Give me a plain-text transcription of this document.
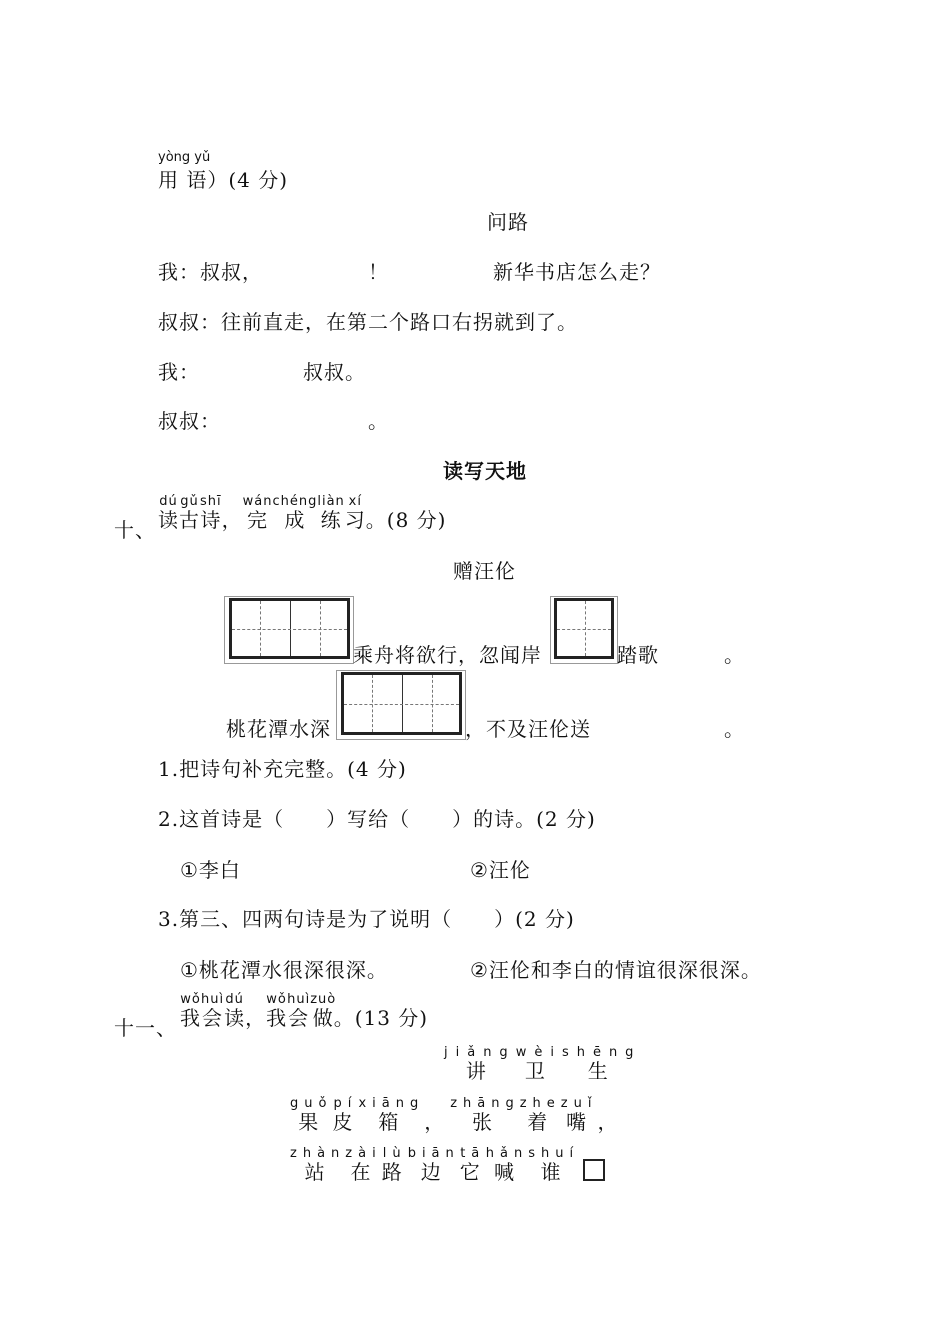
yòng yǔ
用 语）(4 分)
问路
我：叔叔，	！	新华书店怎么走？
叔叔：往前直走，在第二个路口右拐就到了。
我：	叔叔。
叔叔：	。
读写天地
十、 读dú古gǔ诗shī，完wán成chéng练liàn习xí。(8 分)
赠汪伦
乘舟将欲行，忽闻岸	踏歌	。
桃花潭水深	，不及汪伦送	。
1.把诗句补充完整。(4 分)
2.这首诗是（　　）写给（　　）的诗。(2 分)
①李白	②汪伦
3.第三、四两句诗是为了说明（　　）(2 分)
①桃花潭水很深很深。	②汪伦和李白的情谊很深很深。
十一、 我wǒ会huì读dú，我wǒ会huì做zuò。(13 分)
讲jiǎng卫wèi生shēng
果guǒ皮pí箱xiāng，张zhāng着zhe嘴zuǐ，
站zhàn在zài路lù边biān它tā喊hǎn谁shuí
